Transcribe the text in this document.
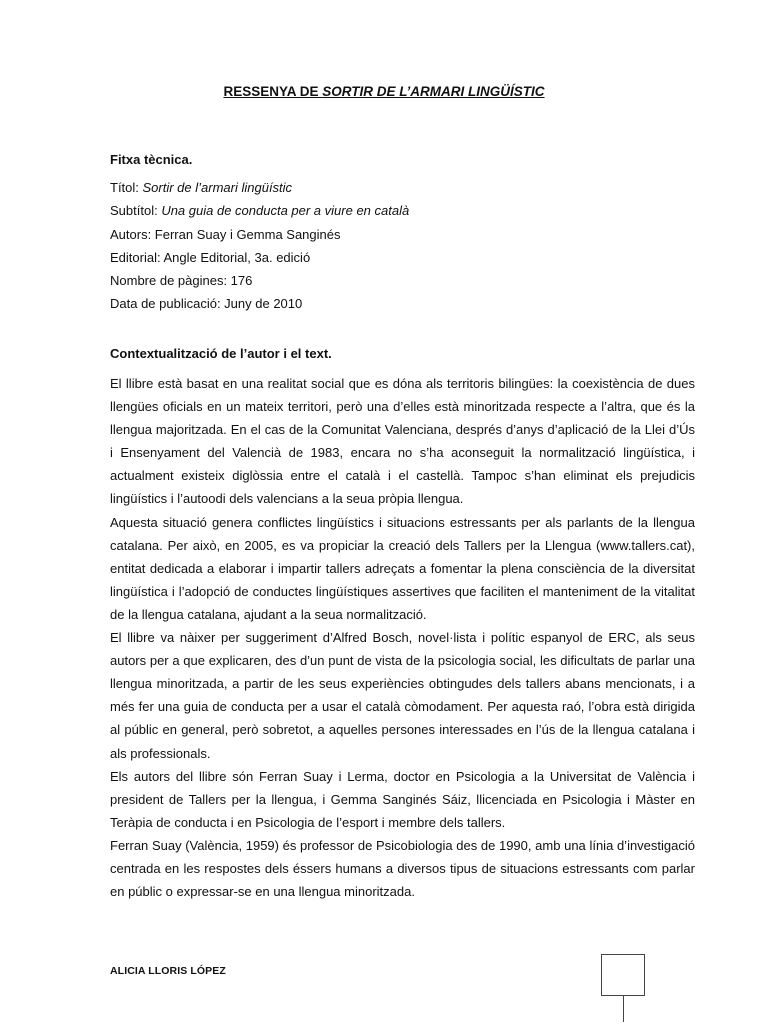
RESSENYA DE SORTIR DE L’ARMARI LINGÜÍSTIC
Fitxa tècnica.
Títol: Sortir de l’armari lingüístic
Subtítol: Una guia de conducta per a viure en català
Autors: Ferran Suay i Gemma Sanginés
Editorial: Angle Editorial, 3a. edició
Nombre de pàgines: 176
Data de publicació: Juny de 2010
Contextualització de l’autor i el text.

El llibre està basat en una realitat social que es dóna als territoris bilingües: la coexistència de dues llengües oficials en un mateix territori, però una d’elles està minoritzada respecte a l’altra, que és la llengua majoritzada. En el cas de la Comunitat Valenciana, després d’anys d’aplicació de la Llei d’Ús i Ensenyament del Valencià de 1983, encara no s’ha aconseguit la normalització lingüística, i actualment existeix diglòssia entre el català i el castellà. Tampoc s’han eliminat els prejudicis lingüístics i l’autoodi dels valencians a la seua pròpia llengua.

Aquesta situació genera conflictes lingüístics i situacions estressants per als parlants de la llengua catalana. Per això, en 2005, es va propiciar la creació dels Tallers per la Llengua (www.tallers.cat), entitat dedicada a elaborar i impartir tallers adreçats a fomentar la plena consciència de la diversitat lingüística i l’adopció de conductes lingüístiques assertives que faciliten el manteniment de la vitalitat de la llengua catalana, ajudant a la seua normalització.

El llibre va nàixer per suggeriment d’Alfred Bosch, novel·lista i polític espanyol de ERC, als seus autors per a que explicaren, des d’un punt de vista de la psicologia social, les dificultats de parlar una llengua minoritzada, a partir de les seus experiències obtingudes dels tallers abans mencionats, i a més fer una guia de conducta per a usar el català còmodament. Per aquesta raó, l’obra està dirigida al públic en general, però sobretot, a aquelles persones interessades en l’ús de la llengua catalana i als professionals.

Els autors del llibre són Ferran Suay i Lerma, doctor en Psicologia a la Universitat de València i president de Tallers per la llengua, i Gemma Sanginés Sáiz, llicenciada en Psicologia i Màster en Teràpia de conducta i en Psicologia de l’esport i membre dels tallers.

Ferran Suay (València, 1959) és professor de Psicobiologia des de 1990, amb una línia d’investigació centrada en les respostes dels éssers humans a diversos tipus de situacions estressants com parlar en públic o expressar-se en una llengua minoritzada.

ALICIA LLORIS LÓPEZ
